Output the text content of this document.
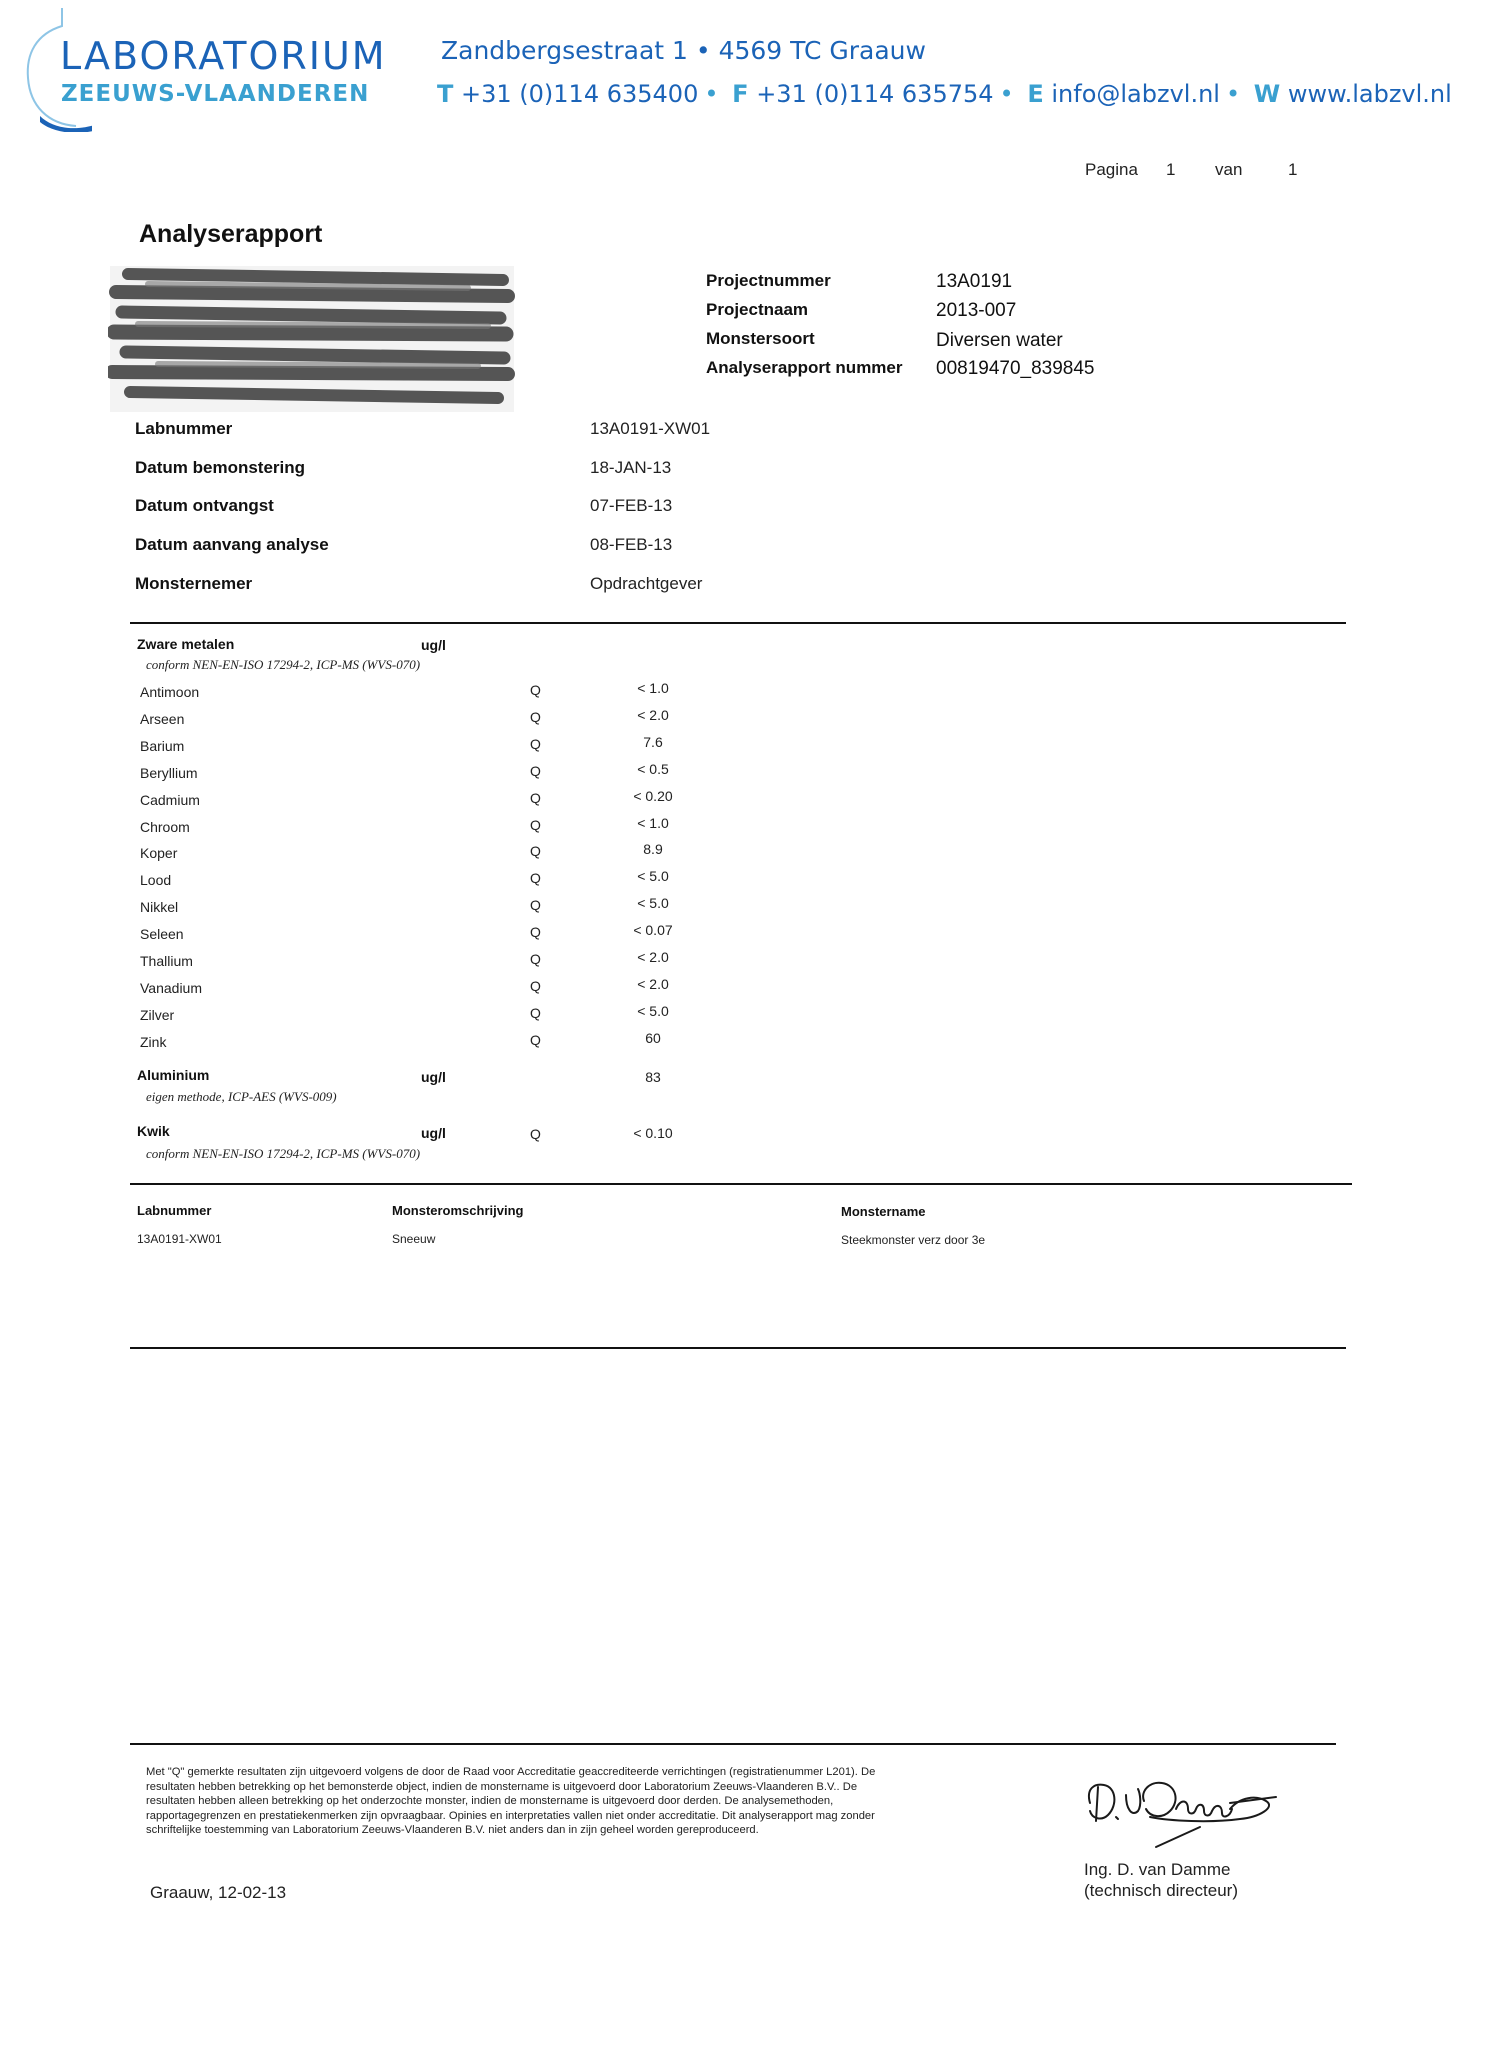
LABORATORIUM
ZEEUWS-VLAANDEREN
Zandbergsestraat 1 • 4569 TC Graauw
T +31 (0)114 635400 • F +31 (0)114 635754 • E info@labzvl.nl • W www.labzvl.nl
Pagina 1 van	1
Analyserapport
Projectnummer	13A0191
Projectnaam	2013-007
Monstersoort	Diversen water
Analyserapport nummer 00819470_839845
Labnummer	13A0191-XW01
Datum bemonstering	18-JAN-13
Datum ontvangst	07-FEB-13
Datum aanvang analyse	08-FEB-13
Monsternemer	Opdrachtgever
Zware metalen	ug/l
conform NEN-EN-ISO 17294-2, ICP-MS (WVS-070)
Antimoon	Q	< 1.0
Arseen	Q	< 2.0
Barium	Q	7.6
Beryllium	Q	< 0.5
Cadmium	Q	< 0.20
Chroom	Q	< 1.0
Koper	Q	8.9
Lood	Q	< 5.0
Nikkel	Q	< 5.0
Seleen	Q	< 0.07
Thallium	Q	< 2.0
Vanadium	Q	< 2.0
Zilver	Q	< 5.0
Zink	Q	60
Aluminium	ug/l	83
eigen methode, ICP-AES (WVS-009)
Kwik	ug/l	Q	< 0.10
conform NEN-EN-ISO 17294-2, ICP-MS (WVS-070)
Labnummer	Monsteromschrijving	Monstername
13A0191-XW01	Sneeuw	Steekmonster verz door 3e
Met "Q" gemerkte resultaten zijn uitgevoerd volgens de door de Raad voor Accreditatie geaccrediteerde verrichtingen (registratienummer L201). De resultaten hebben betrekking op het bemonsterde object, indien de monstername is uitgevoerd door Laboratorium Zeeuws-Vlaanderen B.V.. De resultaten hebben alleen betrekking op het onderzochte monster, indien de monstername is uitgevoerd door derden. De analysemethoden, rapportagegrenzen en prestatiekenmerken zijn opvraagbaar. Opinies en interpretaties vallen niet onder accreditatie. Dit analyserapport mag zonder schriftelijke toestemming van Laboratorium Zeeuws-Vlaanderen B.V. niet anders dan in zijn geheel worden gereproduceerd.
Graauw, 12-02-13
Ing. D. van Damme
(technisch directeur)
